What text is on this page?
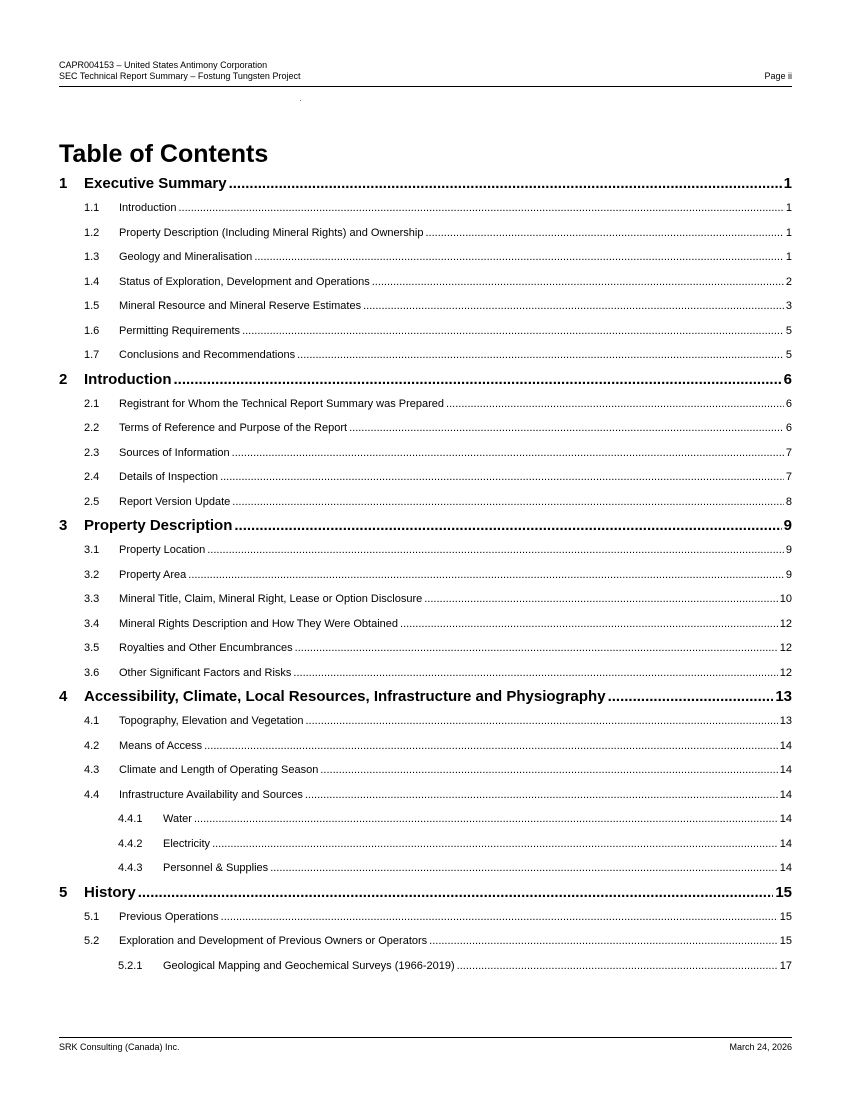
CAPR004153 – United States Antimony Corporation
SEC Technical Report Summary – Fostung Tungsten Project	Page ii
Table of Contents
1	Executive Summary .....	1
1.1	Introduction .....	1
1.2	Property Description (Including Mineral Rights) and Ownership .....	1
1.3	Geology and Mineralisation .....	1
1.4	Status of Exploration, Development and Operations .....	2
1.5	Mineral Resource and Mineral Reserve Estimates .....	3
1.6	Permitting Requirements .....	5
1.7	Conclusions and Recommendations .....	5
2	Introduction .....	6
2.1	Registrant for Whom the Technical Report Summary was Prepared .....	6
2.2	Terms of Reference and Purpose of the Report .....	6
2.3	Sources of Information .....	7
2.4	Details of Inspection .....	7
2.5	Report Version Update .....	8
3	Property Description .....	9
3.1	Property Location .....	9
3.2	Property Area .....	9
3.3	Mineral Title, Claim, Mineral Right, Lease or Option Disclosure .....	10
3.4	Mineral Rights Description and How They Were Obtained .....	12
3.5	Royalties and Other Encumbrances .....	12
3.6	Other Significant Factors and Risks .....	12
4	Accessibility, Climate, Local Resources, Infrastructure and Physiography .....	13
4.1	Topography, Elevation and Vegetation .....	13
4.2	Means of Access .....	14
4.3	Climate and Length of Operating Season .....	14
4.4	Infrastructure Availability and Sources .....	14
4.4.1	Water .....	14
4.4.2	Electricity .....	14
4.4.3	Personnel & Supplies .....	14
5	History .....	15
5.1	Previous Operations .....	15
5.2	Exploration and Development of Previous Owners or Operators .....	15
5.2.1	Geological Mapping and Geochemical Surveys (1966-2019) .....	17
SRK Consulting (Canada) Inc.	March 24, 2026
